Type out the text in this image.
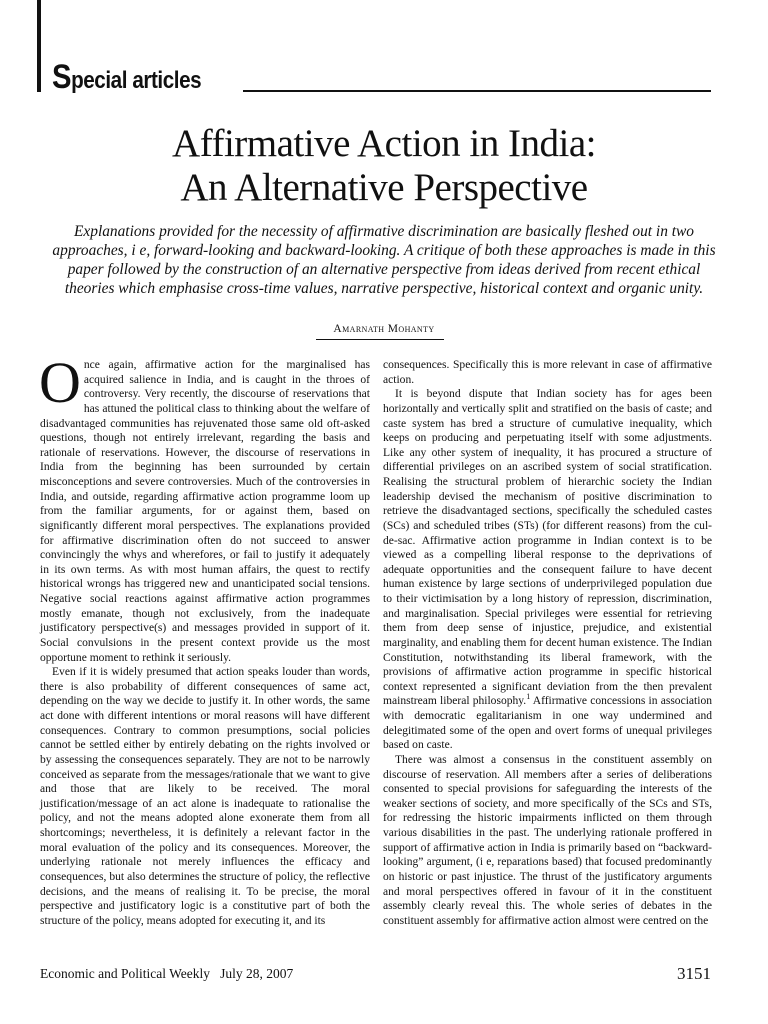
Special articles
Affirmative Action in India:
An Alternative Perspective

Explanations provided for the necessity of affirmative discrimination are basically fleshed out in two approaches, i e, forward-looking and backward-looking. A critique of both these approaches is made in this paper followed by the construction of an alternative perspective from ideas derived from recent ethical theories which emphasise cross-time values, narrative perspective, historical context and organic unity.

Amarnath Mohanty

Once again, affirmative action for the marginalised has acquired salience in India, and is caught in the throes of controversy. Very recently, the discourse of reservations that has attuned the political class to thinking about the welfare of disadvantaged communities has rejuvenated those same old oft-asked questions, though not entirely irrelevant, regarding the basis and rationale of reservations. However, the discourse of reservations in India from the beginning has been surrounded by certain misconceptions and severe controversies. Much of the controversies in India, and outside, regarding affirmative action programme loom up from the familiar arguments, for or against them, based on significantly different moral perspectives. The explanations provided for affirmative discrimination often do not succeed to answer convincingly the whys and wherefores, or fail to justify it adequately in its own terms. As with most human affairs, the quest to rectify historical wrongs has triggered new and unanticipated social tensions. Negative social reactions against affirmative action programmes mostly emanate, though not exclusively, from the inadequate justificatory perspective(s) and messages provided in support of it. Social convulsions in the present context provide us the most opportune moment to rethink it seriously.

Even if it is widely presumed that action speaks louder than words, there is also probability of different consequences of same act, depending on the way we decide to justify it. In other words, the same act done with different intentions or moral reasons will have different consequences. Contrary to common presumptions, social policies cannot be settled either by entirely debating on the rights involved or by assessing the consequences separately. They are not to be narrowly conceived as separate from the messages/rationale that we want to give and those that are likely to be received. The moral justification/message of an act alone is inadequate to rationalise the policy, and not the means adopted alone exonerate them from all shortcomings; nevertheless, it is definitely a relevant factor in the moral evaluation of the policy and its consequences. Moreover, the underlying rationale not merely influences the efficacy and consequences, but also determines the structure of policy, the reflective decisions, and the means of realising it. To be precise, the moral perspective and justificatory logic is a constitutive part of both the structure of the policy, means adopted for executing it, and its

consequences. Specifically this is more relevant in case of affirmative action.

It is beyond dispute that Indian society has for ages been horizontally and vertically split and stratified on the basis of caste; and caste system has bred a structure of cumulative inequality, which keeps on producing and perpetuating itself with some adjustments. Like any other system of inequality, it has procured a structure of differential privileges on an ascribed system of social stratification. Realising the structural problem of hierarchic society the Indian leadership devised the mechanism of positive discrimination to retrieve the disadvantaged sections, specifically the scheduled castes (SCs) and scheduled tribes (STs) (for different reasons) from the cul-de-sac. Affirmative action programme in Indian context is to be viewed as a compelling liberal response to the deprivations of adequate opportunities and the consequent failure to have decent human existence by large sections of underprivileged population due to their victimisation by a long history of repression, discrimination, and marginalisation. Special privileges were essential for retrieving them from deep sense of injustice, prejudice, and existential marginality, and enabling them for decent human existence. The Indian Constitution, notwithstanding its liberal framework, with the provisions of affirmative action programme in specific historical context represented a significant deviation from the then prevalent mainstream liberal philosophy.$^1$ Affirmative concessions in association with democratic egalitarianism in one way undermined and delegitimated some of the open and overt forms of unequal privileges based on caste.

There was almost a consensus in the constituent assembly on discourse of reservation. All members after a series of deliberations consented to special provisions for safeguarding the interests of the weaker sections of society, and more specifically of the SCs and STs, for redressing the historic impairments inflicted on them through various disabilities in the past. The underlying rationale proffered in support of affirmative action in India is primarily based on “backward-looking” argument, (i e, reparations based) that focused predominantly on historic or past injustice. The thrust of the justificatory arguments and moral perspectives offered in favour of it in the constituent assembly clearly reveal this. The whole series of debates in the constituent assembly for affirmative action almost were centred on the

Economic and Political Weekly   July 28, 2007	3151
